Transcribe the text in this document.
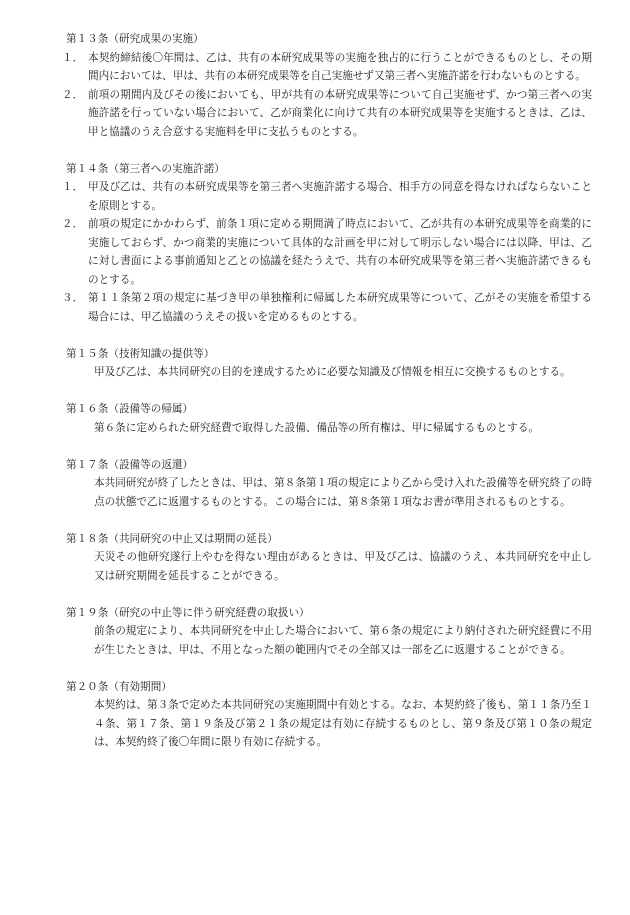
第１３条（研究成果の実施）

１． 本契約締結後〇年間は、乙は、共有の本研究成果等の実施を独占的に行うことができるものとし、その期間内においては、甲は、共有の本研究成果等を自己実施せず又第三者へ実施許諾を行わないものとする。
２． 前項の期間内及びその後においても、甲が共有の本研究成果等について自己実施せず、かつ第三者への実施許諾を行っていない場合において、乙が商業化に向けて共有の本研究成果等を実施するときは、乙は、甲と協議のうえ合意する実施料を甲に支払うものとする。

第１４条（第三者への実施許諾）

１． 甲及び乙は、共有の本研究成果等を第三者へ実施許諾する場合、相手方の同意を得なければならないことを原則とする。
２． 前項の規定にかかわらず、前条１項に定める期間満了時点において、乙が共有の本研究成果等を商業的に実施しておらず、かつ商業的実施について具体的な計画を甲に対して明示しない場合には以降、甲は、乙に対し書面による事前通知と乙との協議を経たうえで、共有の本研究成果等を第三者へ実施許諾できるものとする。
３． 第１１条第２項の規定に基づき甲の単独権利に帰属した本研究成果等について、乙がその実施を希望する場合には、甲乙協議のうえその扱いを定めるものとする。

第１５条（技術知識の提供等）

甲及び乙は、本共同研究の目的を達成するために必要な知識及び情報を相互に交換するものとする。

第１６条（設備等の帰属）

第６条に定められた研究経費で取得した設備、備品等の所有権は、甲に帰属するものとする。

第１７条（設備等の返還）

本共同研究が終了したときは、甲は、第８条第１項の規定により乙から受け入れた設備等を研究終了の時点の状態で乙に返還するものとする。この場合には、第８条第１項なお書が準用されるものとする。

第１８条（共同研究の中止又は期間の延長）

天災その他研究遂行上やむを得ない理由があるときは、甲及び乙は、協議のうえ、本共同研究を中止し又は研究期間を延長することができる。

第１９条（研究の中止等に伴う研究経費の取扱い）

前条の規定により、本共同研究を中止した場合において、第６条の規定により納付された研究経費に不用が生じたときは、甲は、不用となった額の範囲内でその全部又は一部を乙に返還することができる。

第２０条（有効期間）

本契約は、第３条で定めた本共同研究の実施期間中有効とする。なお、本契約終了後も、第１１条乃至１４条、第１７条、第１９条及び第２１条の規定は有効に存続するものとし、第９条及び第１０条の規定は、本契約終了後〇年間に限り有効に存続する。
